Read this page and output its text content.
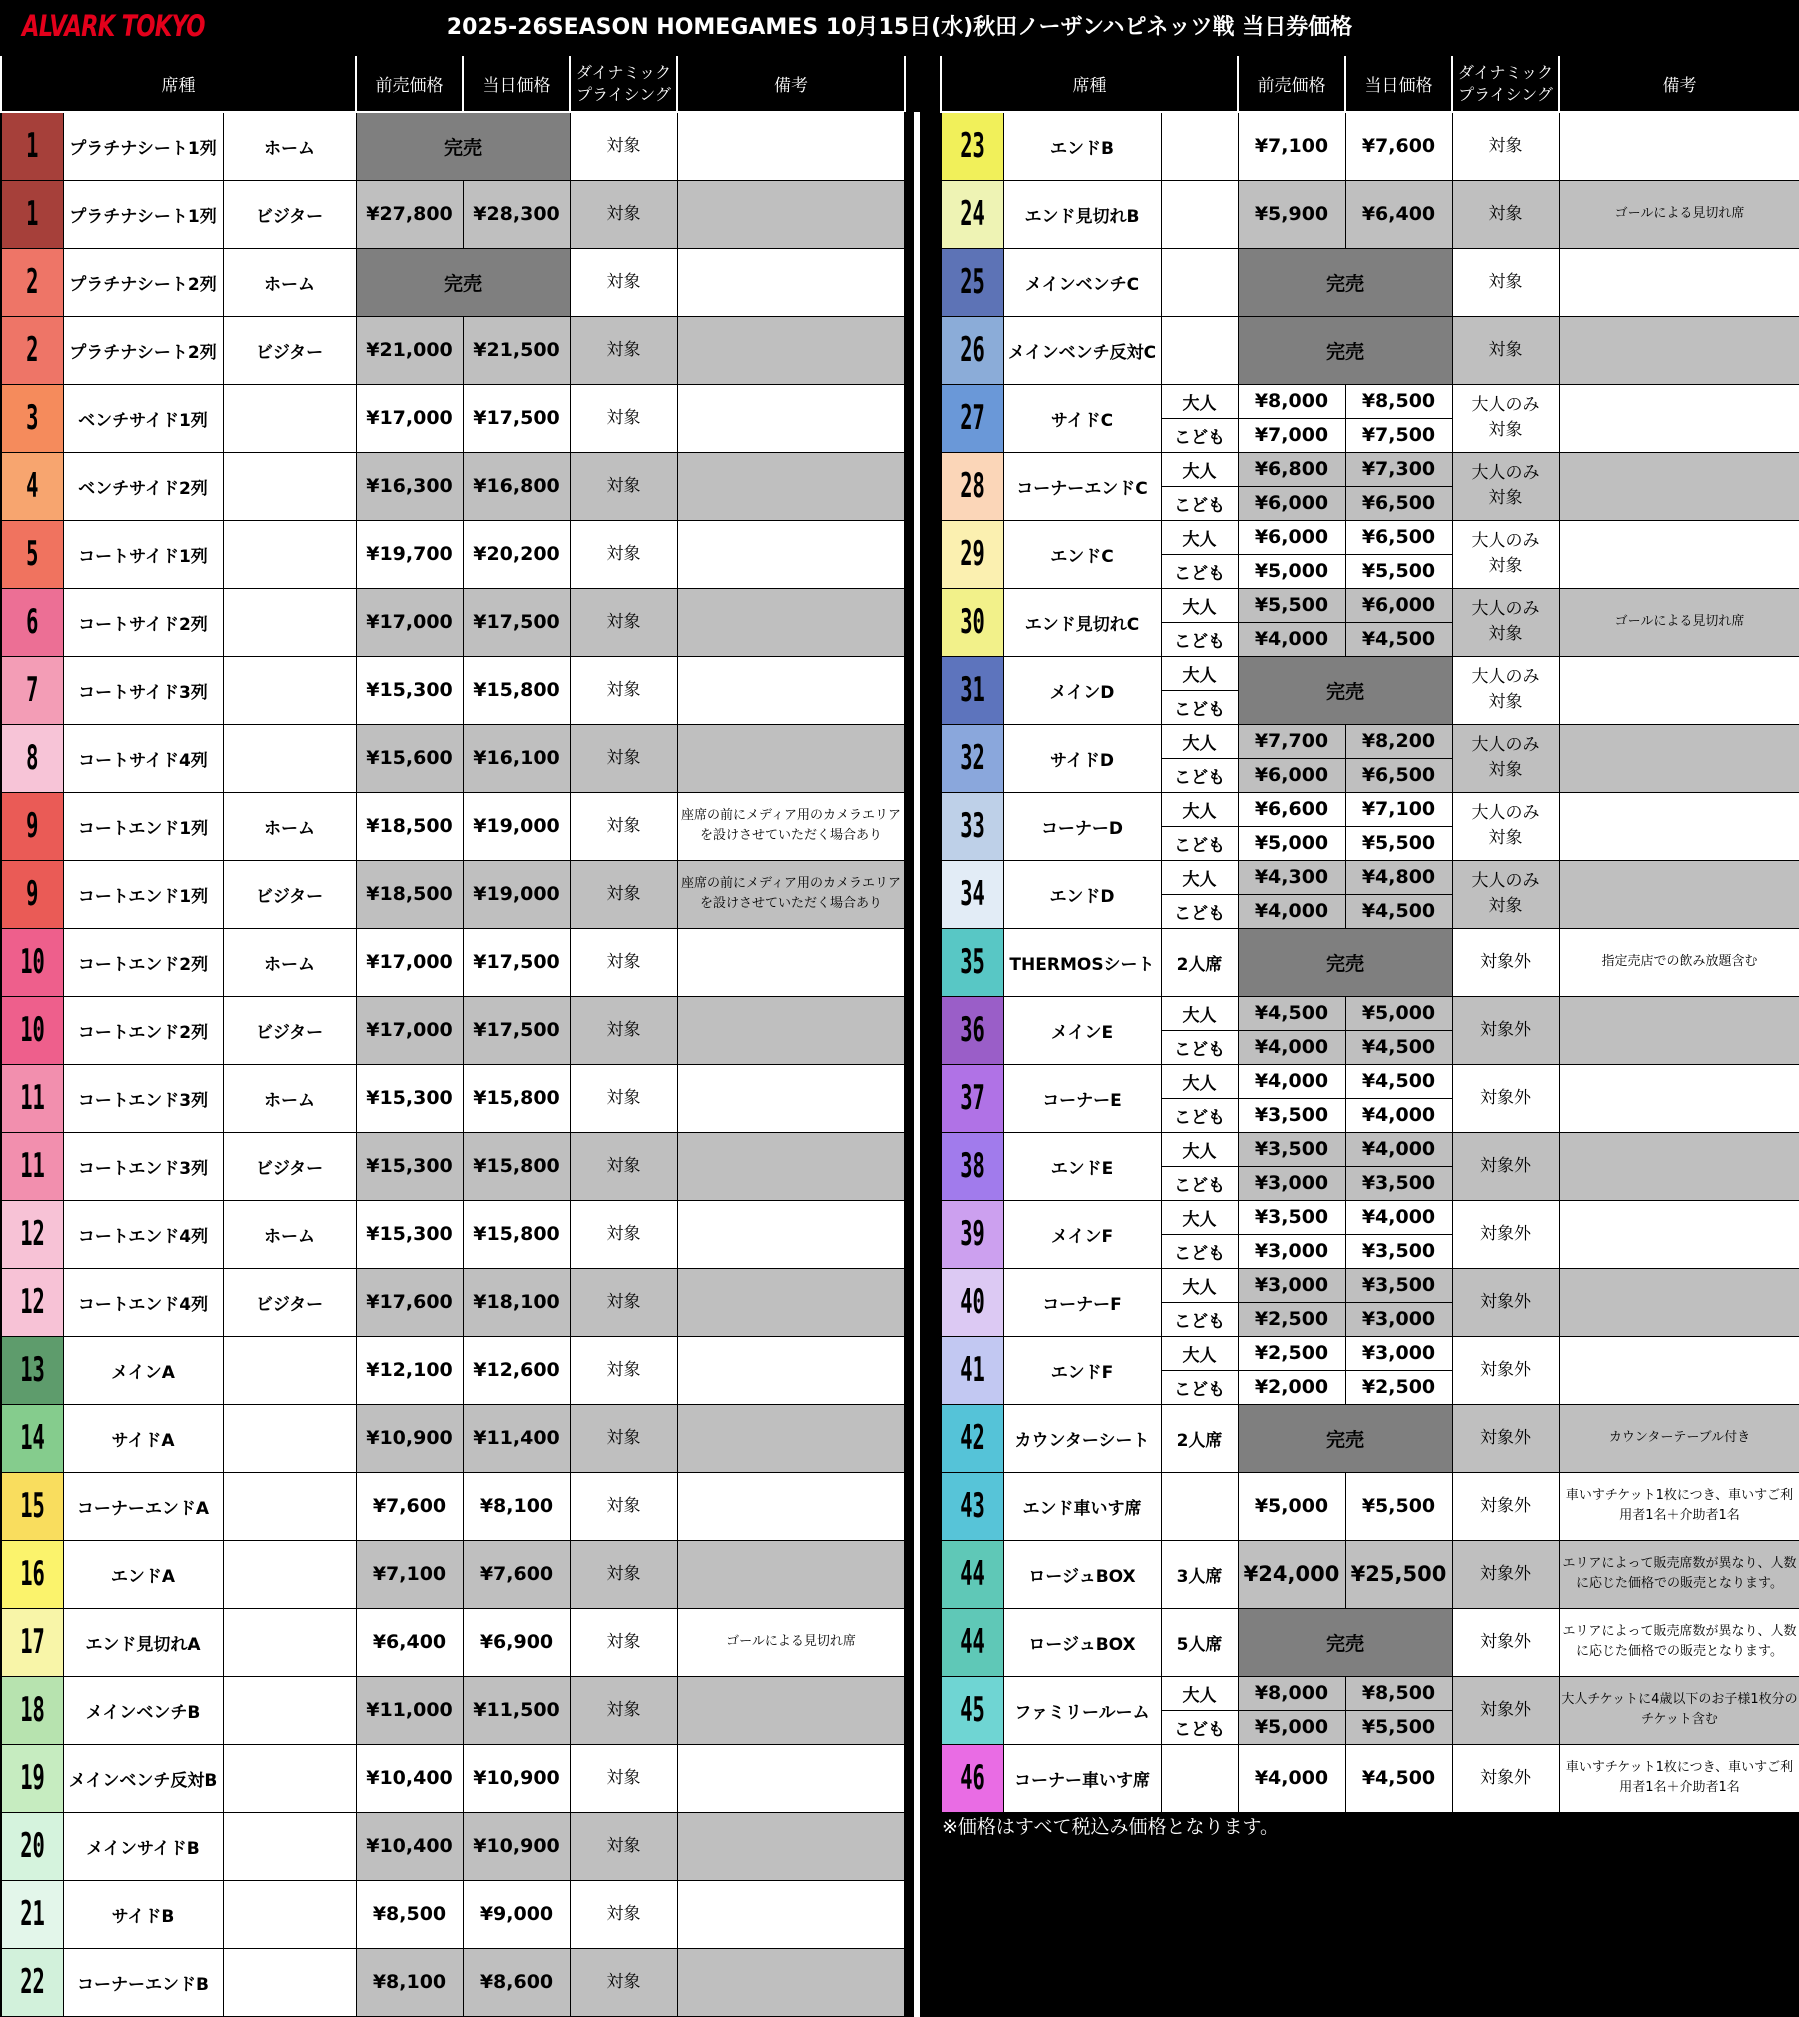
ALVARK TOKYO	2025-26SEASON HOMEGAMES 10月15日(水)秋田ノーザンハピネッツ戦 当日券価格
席種			前売価格	当日価格	ダイナミック
プライシング	備考
1	プラチナシート1列	ホーム	完売		対象	
1	プラチナシート1列	ビジター	¥27,800	¥28,300	対象	
2	プラチナシート2列	ホーム	完売		対象	
2	プラチナシート2列	ビジター	¥21,000	¥21,500	対象	
3	ベンチサイド1列		¥17,000	¥17,500	対象	
4	ベンチサイド2列		¥16,300	¥16,800	対象	
5	コートサイド1列		¥19,700	¥20,200	対象	
6	コートサイド2列		¥17,000	¥17,500	対象	
7	コートサイド3列		¥15,300	¥15,800	対象	
8	コートサイド4列		¥15,600	¥16,100	対象	
9	コートエンド1列	ホーム	¥18,500	¥19,000	対象	座席の前にメディア用のカメラエリアを設けさせていただく場合あり
9	コートエンド1列	ビジター	¥18,500	¥19,000	対象	座席の前にメディア用のカメラエリアを設けさせていただく場合あり
10	コートエンド2列	ホーム	¥17,000	¥17,500	対象	
10	コートエンド2列	ビジター	¥17,000	¥17,500	対象	
11	コートエンド3列	ホーム	¥15,300	¥15,800	対象	
11	コートエンド3列	ビジター	¥15,300	¥15,800	対象	
12	コートエンド4列	ホーム	¥15,300	¥15,800	対象	
12	コートエンド4列	ビジター	¥17,600	¥18,100	対象	
13	メインA		¥12,100	¥12,600	対象	
14	サイドA		¥10,900	¥11,400	対象	
15	コーナーエンドA		¥7,600	¥8,100	対象	
16	エンドA		¥7,100	¥7,600	対象	
17	エンド見切れA		¥6,400	¥6,900	対象	ゴールによる見切れ席
18	メインベンチB		¥11,000	¥11,500	対象	
19	メインベンチ反対B		¥10,400	¥10,900	対象	
20	メインサイドB		¥10,400	¥10,900	対象	
21	サイドB		¥8,500	¥9,000	対象	
22	コーナーエンドB		¥8,100	¥8,600	対象	
席種			前売価格	当日価格	ダイナミック
プライシング	備考
23	エンドB		¥7,100	¥7,600	対象	
24	エンド見切れB		¥5,900	¥6,400	対象	ゴールによる見切れ席
25	メインベンチC		完売		対象	
26	メインベンチ反対C		完売		対象	
27	サイドC	大人	¥8,000	¥8,500	大人のみ
対象	
		こども	¥7,000	¥7,500		
28	コーナーエンドC	大人	¥6,800	¥7,300	大人のみ
対象	
		こども	¥6,000	¥6,500		
29	エンドC	大人	¥6,000	¥6,500	大人のみ
対象	
		こども	¥5,000	¥5,500		
30	エンド見切れC	大人	¥5,500	¥6,000	大人のみ
対象	ゴールによる見切れ席
		こども	¥4,000	¥4,500		
31	メインD	大人	完売		大人のみ
対象	
		こども				
32	サイドD	大人	¥7,700	¥8,200	大人のみ
対象	
		こども	¥6,000	¥6,500		
33	コーナーD	大人	¥6,600	¥7,100	大人のみ
対象	
		こども	¥5,000	¥5,500		
34	エンドD	大人	¥4,300	¥4,800	大人のみ
対象	
		こども	¥4,000	¥4,500		
35	THERMOSシート	2人席	完売		対象外	指定売店での飲み放題含む
36	メインE	大人	¥4,500	¥5,000	対象外	
		こども	¥4,000	¥4,500		
37	コーナーE	大人	¥4,000	¥4,500	対象外	
		こども	¥3,500	¥4,000		
38	エンドE	大人	¥3,500	¥4,000	対象外	
		こども	¥3,000	¥3,500		
39	メインF	大人	¥3,500	¥4,000	対象外	
		こども	¥3,000	¥3,500		
40	コーナーF	大人	¥3,000	¥3,500	対象外	
		こども	¥2,500	¥3,000		
41	エンドF	大人	¥2,500	¥3,000	対象外	
		こども	¥2,000	¥2,500		
42	カウンターシート	2人席	完売		対象外	カウンターテーブル付き
43	エンド車いす席		¥5,000	¥5,500	対象外	車いすチケット1枚につき、車いすご利用者1名＋介助者1名
44	ロージュBOX	3人席	¥24,000	¥25,500	対象外	エリアによって販売席数が異なり、人数に応じた価格での販売となります。
44	ロージュBOX	5人席	完売		対象外	エリアによって販売席数が異なり、人数に応じた価格での販売となります。
45	ファミリールーム	大人	¥8,000	¥8,500	対象外	大人チケットに4歳以下のお子様1枚分のチケット含む
		こども	¥5,000	¥5,500		
46	コーナー車いす席		¥4,000	¥4,500	対象外	車いすチケット1枚につき、車いすご利用者1名＋介助者1名
※価格はすべて税込み価格となります。
